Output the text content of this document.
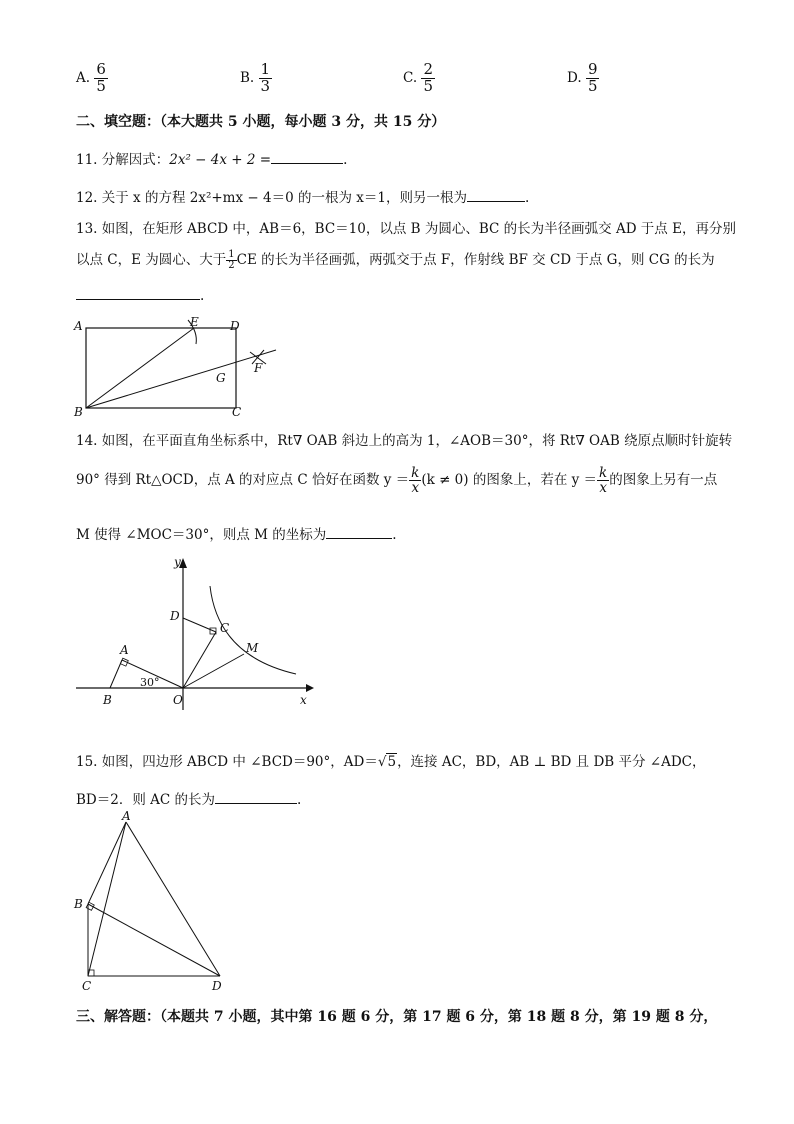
A. $\frac{6}{5}$	B. $\frac{1}{3}$	C. $\frac{2}{5}$	D. $\frac{9}{5}$
二、填空题：（本大题共 5 小题，每小题 3 分，共 15 分）
11. 分解因式：2x² − 4x + 2 =	.
12. 关于 x 的方程 2x²+mx − 4＝0 的一根为 x＝1，则另一根为	.
13. 如图，在矩形 ABCD 中，AB＝6，BC＝10，以点 B 为圆心、BC 的长为半径画弧交 AD 于点 E，再分别
以点 C，E 为圆心、大于 $\frac{1}{2}$ CE 的长为半径画弧，两弧交于点 F，作射线 BF 交 CD 于点 G，则 CG 的长为
.
A
B	C
D
E
F
G
14. 如图，在平面直角坐标系中，Rt∇ OAB 斜边上的高为 1，∠AOB＝30°，将 Rt∇ OAB 绕原点顺时针旋转
90° 得到 Rt△OCD，点 A 的对应点 C 恰好在函数 $y = \frac{k}{x} (k \ne 0)$ 的图象上，若在 $y = \frac{k}{x}$ 的图象上另有一点
M 使得 ∠MOC＝30°，则点 M 的坐标为	.
y
x
D
C
M
A
B	O
30°
15. 如图，四边形 ABCD 中 ∠BCD＝90°，AD＝√5，连接 AC，BD，AB ⊥ BD 且 DB 平分 ∠ADC，
BD＝2．则 AC 的长为	.
A
B
C	D
三、解答题：（本题共 7 小题，其中第 16 题 6 分，第 17 题 6 分，第 18 题 8 分，第 19 题 8 分，
